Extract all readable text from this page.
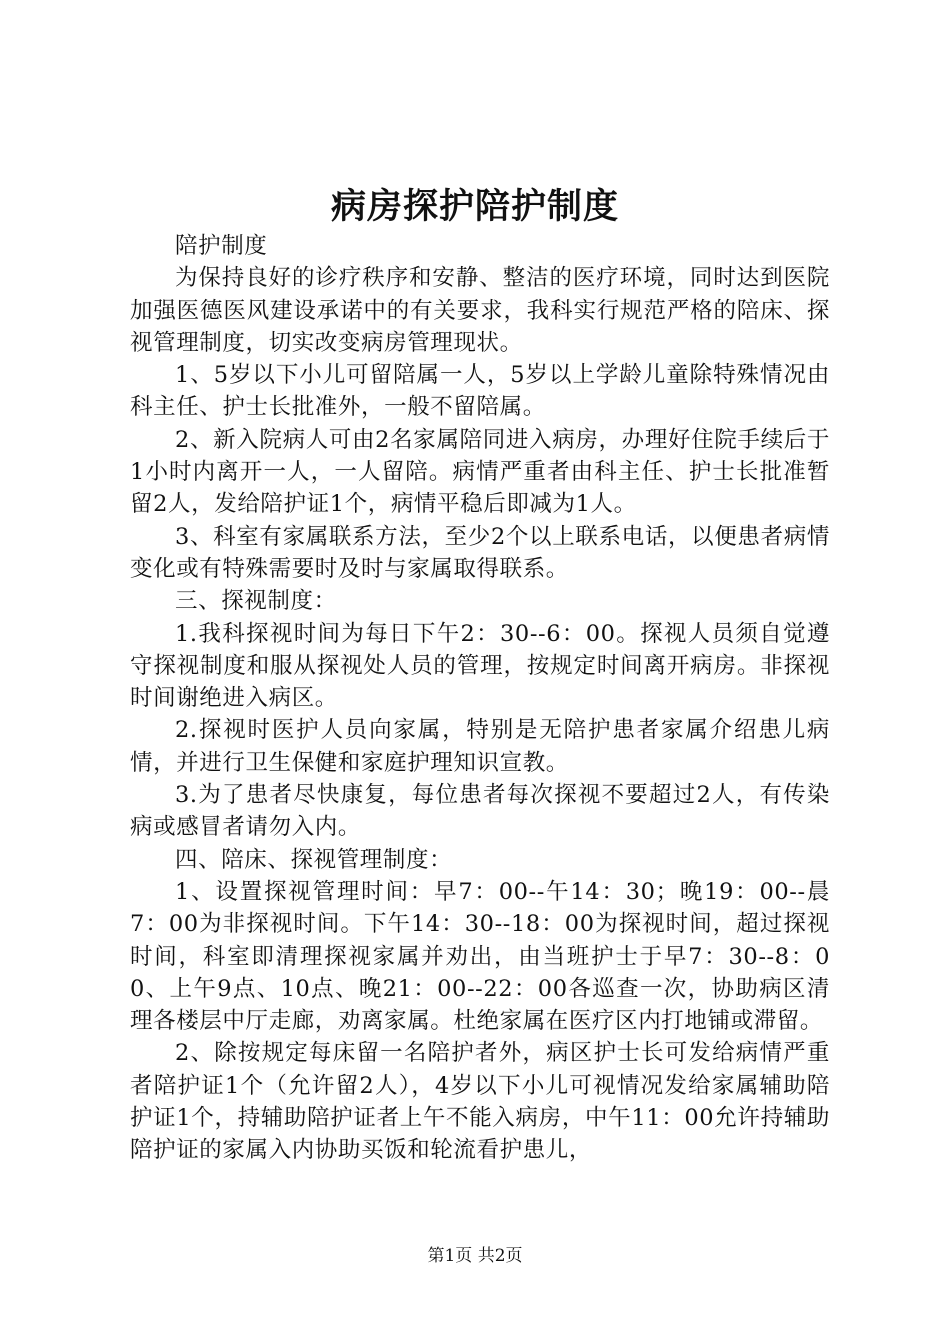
病房探护陪护制度

陪护制度

为保持良好的诊疗秩序和安静、整洁的医疗环境，同时达到医院加强医德医风建设承诺中的有关要求，我科实行规范严格的陪床、探视管理制度，切实改变病房管理现状。

1、5岁以下小儿可留陪属一人，5岁以上学龄儿童除特殊情况由科主任、护士长批准外，一般不留陪属。

2、新入院病人可由2名家属陪同进入病房，办理好住院手续后于1小时内离开一人，一人留陪。病情严重者由科主任、护士长批准暂留2人，发给陪护证1个，病情平稳后即减为1人。

3、科室有家属联系方法，至少2个以上联系电话，以便患者病情变化或有特殊需要时及时与家属取得联系。

三、探视制度：

1.我科探视时间为每日下午2：30--6：00。探视人员须自觉遵守探视制度和服从探视处人员的管理，按规定时间离开病房。非探视时间谢绝进入病区。

2.探视时医护人员向家属，特别是无陪护患者家属介绍患儿病情，并进行卫生保健和家庭护理知识宣教。

3.为了患者尽快康复，每位患者每次探视不要超过2人，有传染病或感冒者请勿入内。

四、陪床、探视管理制度：

1、设置探视管理时间：早7：00--午14：30；晚19：00--晨7：00为非探视时间。下午14：30--18：00为探视时间，超过探视时间，科室即清理探视家属并劝出，由当班护士于早7：30--8：00、上午9点、10点、晚21：00--22：00各巡查一次，协助病区清理各楼层中厅走廊，劝离家属。杜绝家属在医疗区内打地铺或滞留。

2、除按规定每床留一名陪护者外，病区护士长可发给病情严重者陪护证1个（允许留2人），4岁以下小儿可视情况发给家属辅助陪护证1个，持辅助陪护证者上午不能入病房，中午11：00允许持辅助陪护证的家属入内协助买饭和轮流看护患儿，

第1页 共2页
